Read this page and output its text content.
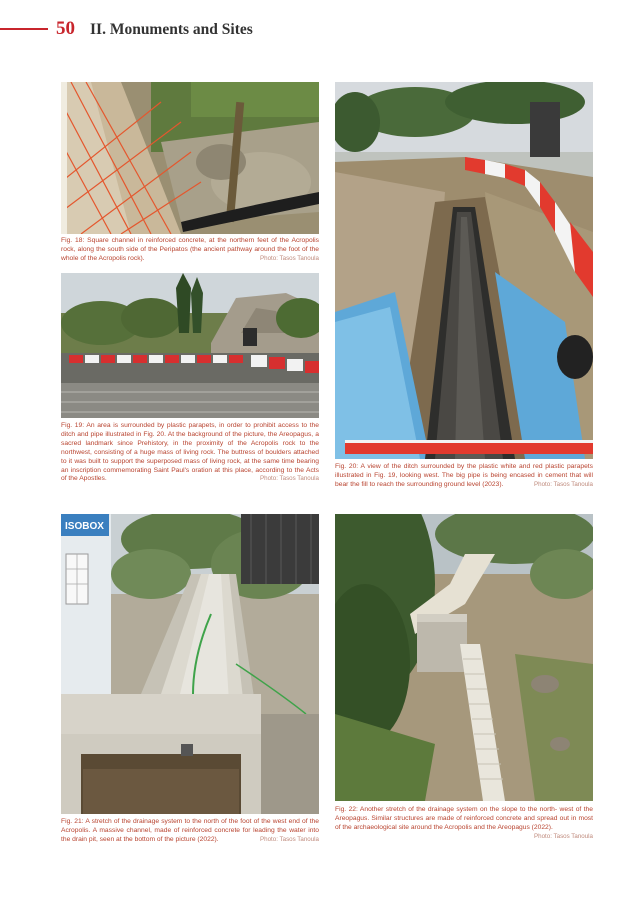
50 II. Monuments and Sites
Fig. 18: Square channel in reinforced concrete, at the northern feet of the Acropolis rock, along the south side of the Peripatos (the ancient pathway around the foot of the whole of the Acropolis rock).	Photo: Tasos Tanoula
Fig. 19: An area is surrounded by plastic parapets, in order to prohibit access to the ditch and pipe illustrated in Fig. 20. At the background of the picture, the Areopagus, a sacred landmark since Prehistory, in the proximity of the Acropolis rock to the northwest, consisting of a huge mass of living rock. The buttress of boulders attached to it was built to support the superposed mass of living rock, at the same time bearing an inscription commemorating Saint Paul's oration at this place, according to the Acts of the Apostles.	Photo: Tasos Tanoula
Fig. 20: A view of the ditch surrounded by the plastic white and red plastic parapets illustrated in Fig. 19, looking west. The big pipe is being encased in cement that will bear the fill to reach the surrounding ground level (2023).	Photo: Tasos Tanoula
ISOBOX
Fig. 21: A stretch of the drainage system to the north of the foot of the west end of the Acropolis. A massive channel, made of reinforced concrete for leading the water into the drain pit, seen at the bottom of the picture (2022).	Photo: Tasos Tanoula
Fig. 22: Another stretch of the drainage system on the slope to the north- west of the Areopagus. Similar structures are made of reinforced concrete and spread out in most of the archaeological site around the Acropolis and the Areopagus (2022).
Photo: Tasos Tanoula
